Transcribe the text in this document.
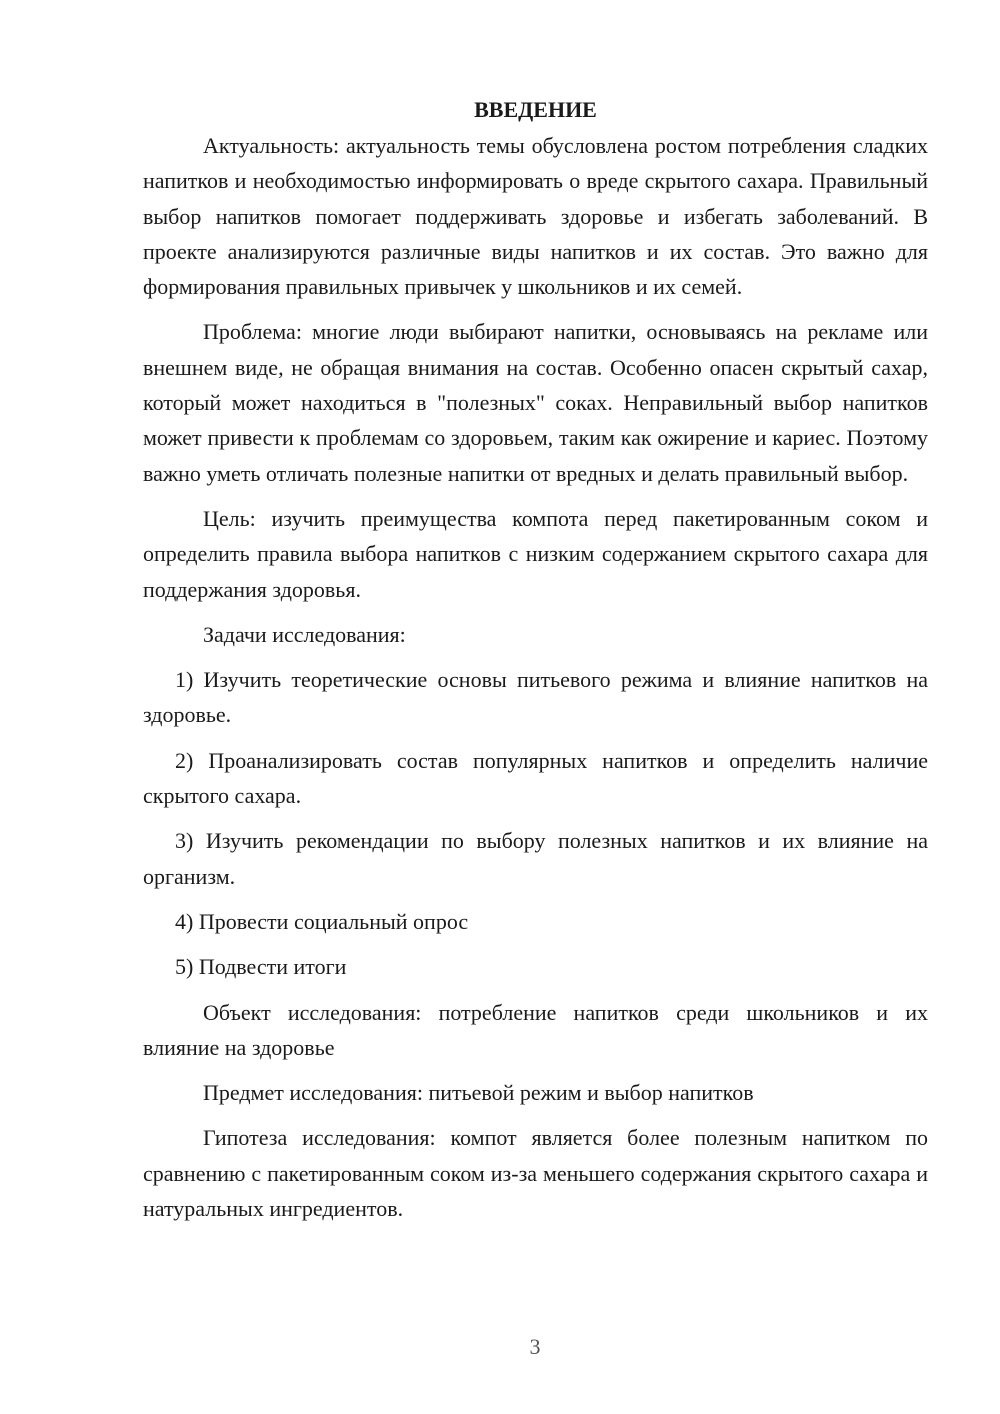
ВВЕДЕНИЕ

Актуальность: актуальность темы обусловлена ростом потребления сладких напитков и необходимостью информировать о вреде скрытого сахара. Правильный выбор напитков помогает поддерживать здоровье и избегать заболеваний. В проекте анализируются различные виды напитков и их состав. Это важно для формирования правильных привычек у школьников и их семей.

Проблема: многие люди выбирают напитки, основываясь на рекламе или внешнем виде, не обращая внимания на состав. Особенно опасен скрытый сахар, который может находиться в "полезных" соках. Неправильный выбор напитков может привести к проблемам со здоровьем, таким как ожирение и кариес. Поэтому важно уметь отличать полезные напитки от вредных и делать правильный выбор.

Цель: изучить преимущества компота перед пакетированным соком и определить правила выбора напитков с низким содержанием скрытого сахара для поддержания здоровья.

Задачи исследования:

1) Изучить теоретические основы питьевого режима и влияние напитков на здоровье.

2) Проанализировать состав популярных напитков и определить наличие скрытого сахара.

3) Изучить рекомендации по выбору полезных напитков и их влияние на организм.

4) Провести социальный опрос

5) Подвести итоги

Объект исследования: потребление напитков среди школьников и их влияние на здоровье

Предмет исследования: питьевой режим и выбор напитков

Гипотеза исследования: компот является более полезным напитком по сравнению с пакетированным соком из-за меньшего содержания скрытого сахара и натуральных ингредиентов.

3
